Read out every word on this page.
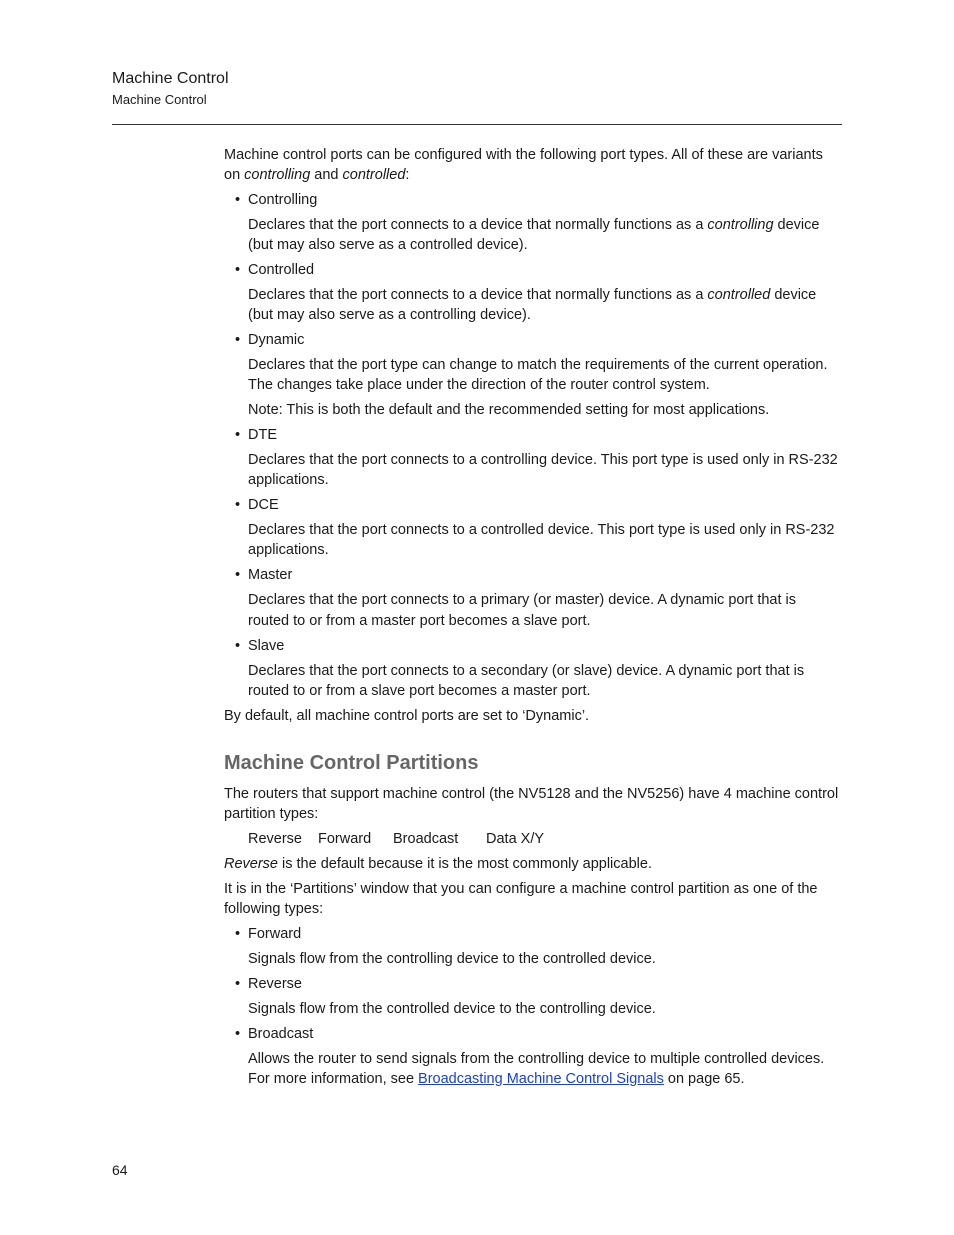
Machine Control
Machine Control
Machine control ports can be configured with the following port types. All of these are variants
on controlling and controlled:
• Controlling
Declares that the port connects to a device that normally functions as a controlling device
(but may also serve as a controlled device).
• Controlled
Declares that the port connects to a device that normally functions as a controlled device
(but may also serve as a controlling device).
• Dynamic
Declares that the port type can change to match the requirements of the current operation.
The changes take place under the direction of the router control system.
Note: This is both the default and the recommended setting for most applications.
• DTE
Declares that the port connects to a controlling device. This port type is used only in RS-232
applications.
• DCE
Declares that the port connects to a controlled device. This port type is used only in RS-232
applications.
• Master
Declares that the port connects to a primary (or master) device. A dynamic port that is
routed to or from a master port becomes a slave port.
• Slave
Declares that the port connects to a secondary (or slave) device. A dynamic port that is
routed to or from a slave port becomes a master port.
By default, all machine control ports are set to ‘Dynamic’.
Machine Control Partitions
The routers that support machine control (the NV5128 and the NV5256) have 4 machine control
partition types:
Reverse Forward Broadcast Data X/Y
Reverse is the default because it is the most commonly applicable.
It is in the ‘Partitions’ window that you can configure a machine control partition as one of the
following types:
• Forward
Signals flow from the controlling device to the controlled device.
• Reverse
Signals flow from the controlled device to the controlling device.
• Broadcast
Allows the router to send signals from the controlling device to multiple controlled devices.
For more information, see Broadcasting Machine Control Signals on page 65.
64
